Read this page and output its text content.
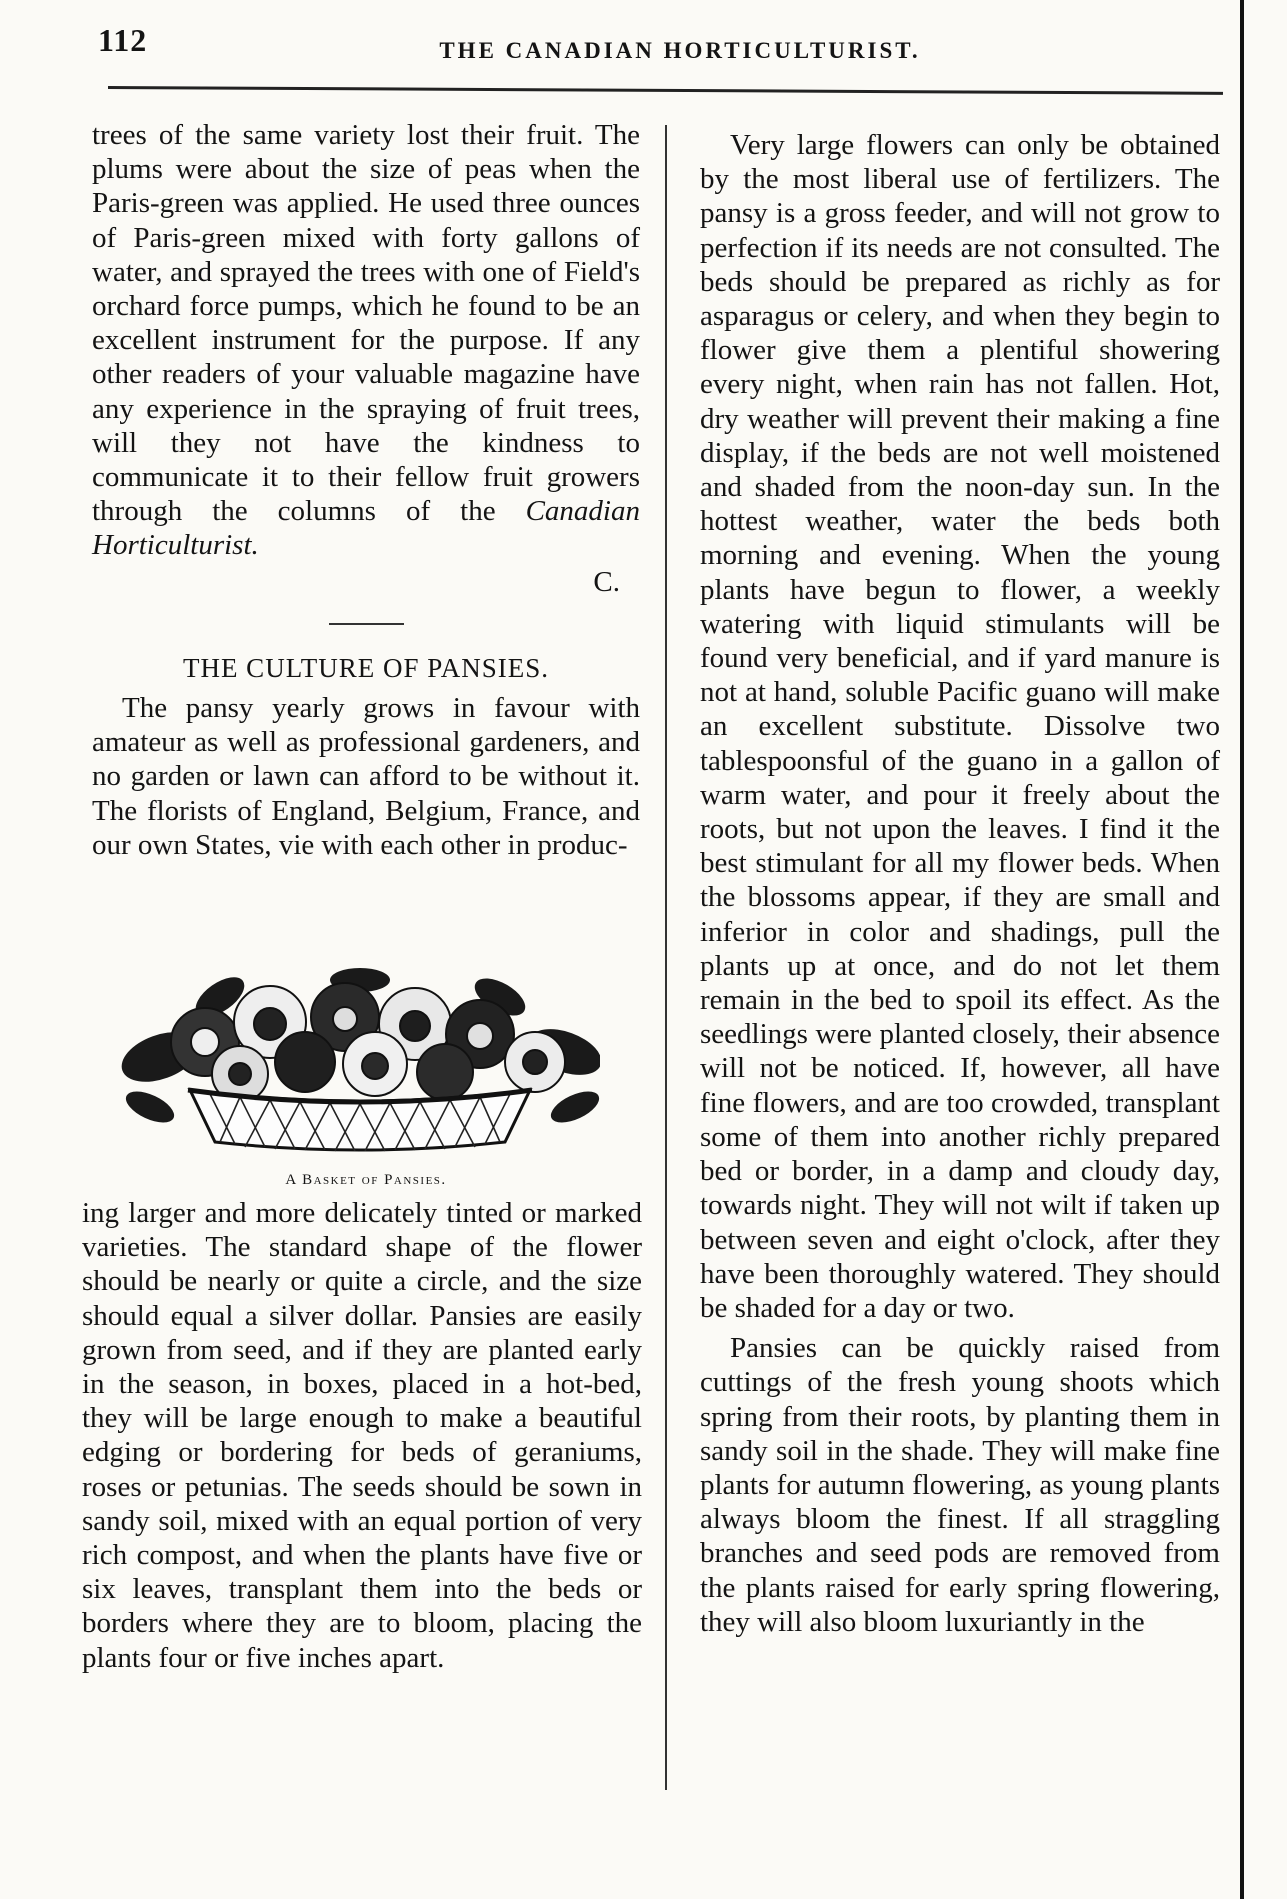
112	THE CANADIAN HORTICULTURIST.

trees of the same variety lost their fruit. The plums were about the size of peas when the Paris-green was applied. He used three ounces of Paris-green mixed with forty gallons of water, and sprayed the trees with one of Field's orchard force pumps, which he found to be an excellent instrument for the purpose. If any other readers of your valuable magazine have any experience in the spraying of fruit trees, will they not have the kindness to communicate it to their fellow fruit growers through the columns of the Canadian Horticulturist.

C.

THE CULTURE OF PANSIES.

The pansy yearly grows in favour with amateur as well as professional gardeners, and no garden or lawn can afford to be without it. The florists of England, Belgium, France, and our own States, vie with each other in produc-

A Basket of Pansies.

ing larger and more delicately tinted or marked varieties. The standard shape of the flower should be nearly or quite a circle, and the size should equal a silver dollar. Pansies are easily grown from seed, and if they are planted early in the season, in boxes, placed in a hot-bed, they will be large enough to make a beautiful edging or bordering for beds of geraniums, roses or petunias. The seeds should be sown in sandy soil, mixed with an equal portion of very rich compost, and when the plants have five or six leaves, transplant them into the beds or borders where they are to bloom, placing the plants four or five inches apart.

Very large flowers can only be obtained by the most liberal use of fertilizers. The pansy is a gross feeder, and will not grow to perfection if its needs are not consulted. The beds should be prepared as richly as for asparagus or celery, and when they begin to flower give them a plentiful showering every night, when rain has not fallen. Hot, dry weather will prevent their making a fine display, if the beds are not well moistened and shaded from the noon-day sun. In the hottest weather, water the beds both morning and evening. When the young plants have begun to flower, a weekly watering with liquid stimulants will be found very beneficial, and if yard manure is not at hand, soluble Pacific guano will make an excellent substitute. Dissolve two tablespoonsful of the guano in a gallon of warm water, and pour it freely about the roots, but not upon the leaves. I find it the best stimulant for all my flower beds. When the blossoms appear, if they are small and inferior in color and shadings, pull the plants up at once, and do not let them remain in the bed to spoil its effect. As the seedlings were planted closely, their absence will not be noticed. If, however, all have fine flowers, and are too crowded, transplant some of them into another richly prepared bed or border, in a damp and cloudy day, towards night. They will not wilt if taken up between seven and eight o'clock, after they have been thoroughly watered. They should be shaded for a day or two.

Pansies can be quickly raised from cuttings of the fresh young shoots which spring from their roots, by planting them in sandy soil in the shade. They will make fine plants for autumn flowering, as young plants always bloom the finest. If all straggling branches and seed pods are removed from the plants raised for early spring flowering, they will also bloom luxuriantly in the
